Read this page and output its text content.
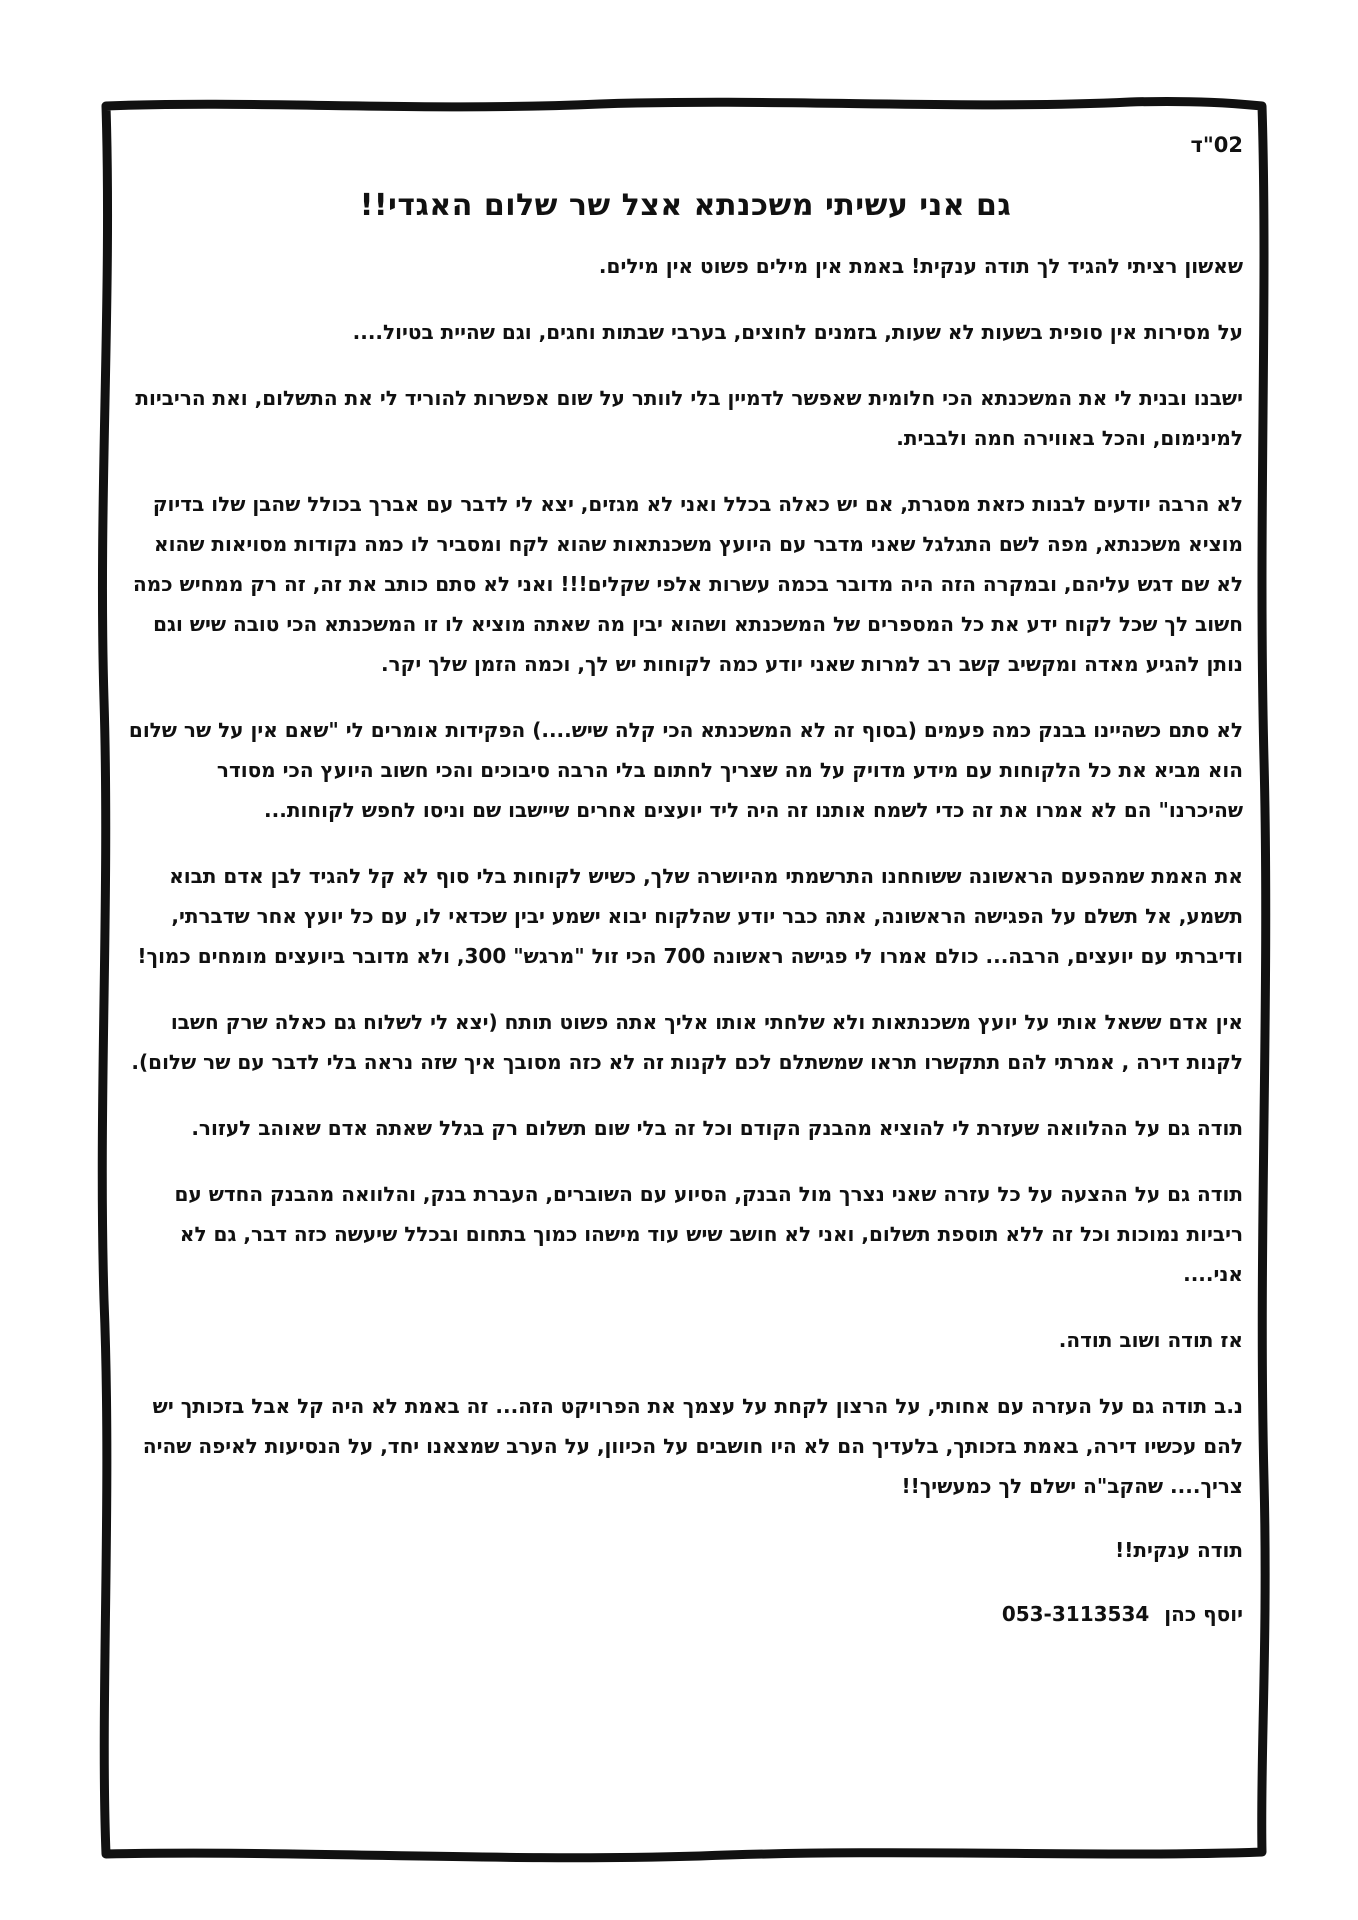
02"ד
גם אני עשיתי משכנתא אצל שר שלום האגדי!!

שאשון רציתי להגיד לך תודה ענקית! באמת אין מילים פשוט אין מילים.

על מסירות אין סופית בשעות לא שעות, בזמנים לחוצים, בערבי שבתות וחגים, וגם שהיית בטיול....

ישבנו ובנית לי את המשכנתא הכי חלומית שאפשר לדמיין בלי לוותר על שום אפשרות להוריד לי את התשלום, ואת הריביות למינימום, והכל באווירה חמה ולבבית.

לא הרבה יודעים לבנות כזאת מסגרת, אם יש כאלה בכלל ואני לא מגזים, יצא לי לדבר עם אברך בכולל שהבן שלו בדיוק מוציא משכנתא, מפה לשם התגלגל שאני מדבר עם היועץ משכנתאות שהוא לקח ומסביר לו כמה נקודות מסויאות שהוא לא שם דגש עליהם, ובמקרה הזה היה מדובר בכמה עשרות אלפי שקלים!!! ואני לא סתם כותב את זה, זה רק ממחיש כמה חשוב לך שכל לקוח ידע את כל המספרים של המשכנתא ושהוא יבין מה שאתה מוציא לו זו המשכנתא הכי טובה שיש וגם נותן להגיע מאדה ומקשיב קשב רב למרות שאני יודע כמה לקוחות יש לך, וכמה הזמן שלך יקר.

לא סתם כשהיינו בבנק כמה פעמים (בסוף זה לא המשכנתא הכי קלה שיש....) הפקידות אומרים לי "שאם אין על שר שלום הוא מביא את כל הלקוחות עם מידע מדויק על מה שצריך לחתום בלי הרבה סיבוכים והכי חשוב היועץ הכי מסודר שהיכרנו" הם לא אמרו את זה כדי לשמח אותנו זה היה ליד יועצים אחרים שיישבו שם וניסו לחפש לקוחות...

את האמת שמהפעם הראשונה ששוחחנו התרשמתי מהיושרה שלך, כשיש לקוחות בלי סוף לא קל להגיד לבן אדם תבוא תשמע, אל תשלם על הפגישה הראשונה, אתה כבר יודע שהלקוח יבוא ישמע יבין שכדאי לו, עם כל יועץ אחר שדברתי, ודיברתי עם יועצים, הרבה... כולם אמרו לי פגישה ראשונה 700 הכי זול "מרגש" 300, ולא מדובר ביועצים מומחים כמוך!

אין אדם ששאל אותי על יועץ משכנתאות ולא שלחתי אותו אליך אתה פשוט תותח (יצא לי לשלוח גם כאלה שרק חשבו לקנות דירה , אמרתי להם תתקשרו תראו שמשתלם לכם לקנות זה לא כזה מסובך איך שזה נראה בלי לדבר עם שר שלום).

תודה גם על ההלוואה שעזרת לי להוציא מהבנק הקודם וכל זה בלי שום תשלום רק בגלל שאתה אדם שאוהב לעזור.

תודה גם על ההצעה על כל עזרה שאני נצרך מול הבנק, הסיוע עם השוברים, העברת בנק, והלוואה מהבנק החדש עם ריביות נמוכות וכל זה ללא תוספת תשלום, ואני לא חושב שיש עוד מישהו כמוך בתחום ובכלל שיעשה כזה דבר, גם לא אני....

אז תודה ושוב תודה.

נ.ב תודה גם על העזרה עם אחותי, על הרצון לקחת על עצמך את הפרויקט הזה... זה באמת לא היה קל אבל בזכותך יש להם עכשיו דירה, באמת בזכותך, בלעדיך הם לא היו חושבים על הכיוון, על הערב שמצאנו יחד, על הנסיעות לאיפה שהיה צריך.... שהקב"ה ישלם לך כמעשיך!!

תודה ענקית!!
יוסף כהן 053-3113534
